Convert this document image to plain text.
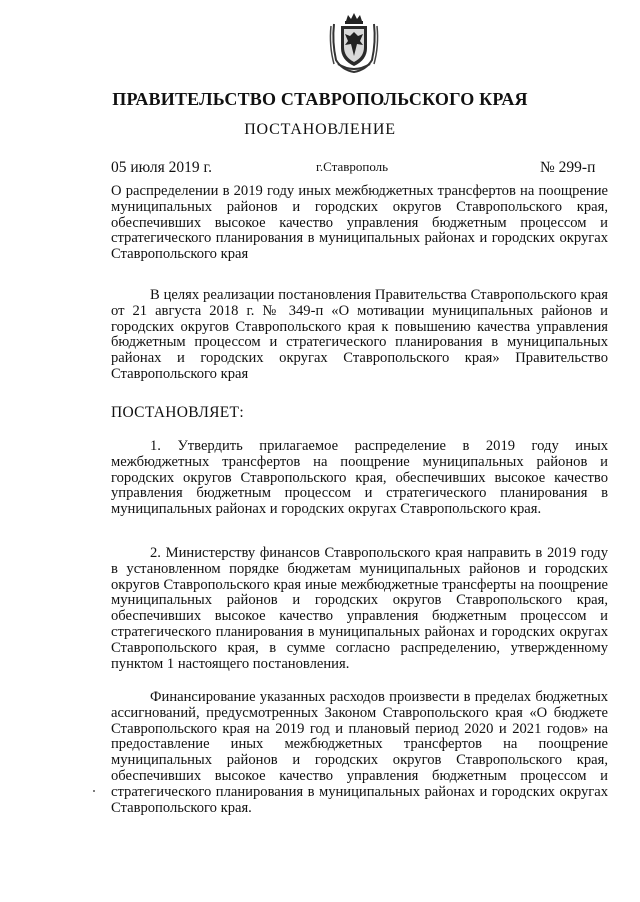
ПРАВИТЕЛЬСТВО СТАВРОПОЛЬСКОГО КРАЯ
ПОСТАНОВЛЕНИЕ
05 июля 2019 г.	г.Ставрополь	№ 299-п
О распределении в 2019 году иных межбюджетных трансфертов на поощрение муниципальных районов и городских округов Ставропольского края, обеспечивших высокое качество управления бюджетным процессом и стратегического планирования в муниципальных районах и городских округах Ставропольского края
В целях реализации постановления Правительства Ставропольского края от 21 августа 2018 г. № 349-п «О мотивации муниципальных районов и городских округов Ставропольского края к повышению качества управления бюджетным процессом и стратегического планирования в муниципальных районах и городских округах Ставропольского края» Правительство Ставропольского края
ПОСТАНОВЛЯЕТ:
1. Утвердить прилагаемое распределение в 2019 году иных межбюджетных трансфертов на поощрение муниципальных районов и городских округов Ставропольского края, обеспечивших высокое качество управления бюджетным процессом и стратегического планирования в муниципальных районах и городских округах Ставропольского края.
2. Министерству финансов Ставропольского края направить в 2019 году в установленном порядке бюджетам муниципальных районов и городских округов Ставропольского края иные межбюджетные трансферты на поощрение муниципальных районов и городских округов Ставропольского края, обеспечивших высокое качество управления бюджетным процессом и стратегического планирования в муниципальных районах и городских округах Ставропольского края, в сумме согласно распределению, утвержденному пунктом 1 настоящего постановления.
Финансирование указанных расходов произвести в пределах бюджетных ассигнований, предусмотренных Законом Ставропольского края «О бюджете Ставропольского края на 2019 год и плановый период 2020 и 2021 годов» на предоставление иных межбюджетных трансфертов на поощрение муниципальных районов и городских округов Ставропольского края, обеспечивших высокое качество управления бюджетным процессом и стратегического планирования в муниципальных районах и городских округах Ставропольского края.
